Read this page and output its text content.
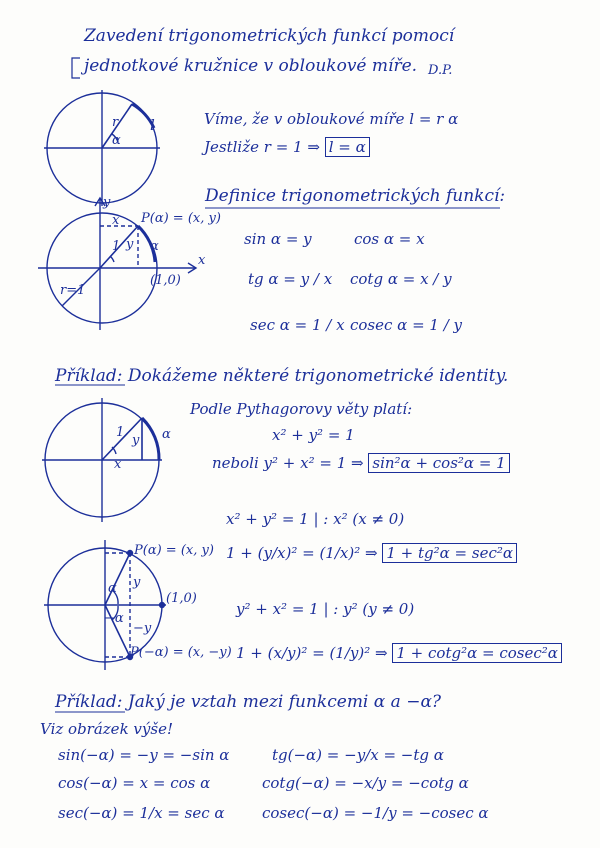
Zavedení trigonometrických funkcí pomocí
jednotkové kružnice v obloukové míře. D.P.
r
α
l
y
x
P(α) = (x, y)
x
y
1 α
(1,0)
r=1
1
y
x
α
P(α) = (x, y)
(1,0)
P(−α) = (x, −y)
y
−y
α
−α
Víme, že v obloukové míře l = r α
Jestliže r = 1 ⇒ l = α
Definice trigonometrických funkcí:
sin α = y	cos α = x
tg α = y / x cotg α = x / y
sec α = 1 / x cosec α = 1 / y
Příklad: Dokážeme některé trigonometrické identity.
Podle Pythagorovy věty platí:
x² + y² = 1
neboli y² + x² = 1 ⇒ sin²α + cos²α = 1
x² + y² = 1 | : x² (x ≠ 0)
1 + (y/x)² = (1/x)² ⇒ 1 + tg²α = sec²α
y² + x² = 1 | : y² (y ≠ 0)
1 + (x/y)² = (1/y)² ⇒ 1 + cotg²α = cosec²α
Příklad: Jaký je vztah mezi funkcemi α a −α?
Viz obrázek výše!
sin(−α) = −y = −sin α	tg(−α) = −y/x = −tg α
cos(−α) = x = cos α	cotg(−α) = −x/y = −cotg α
sec(−α) = 1/x = sec α cosec(−α) = −1/y = −cosec α
